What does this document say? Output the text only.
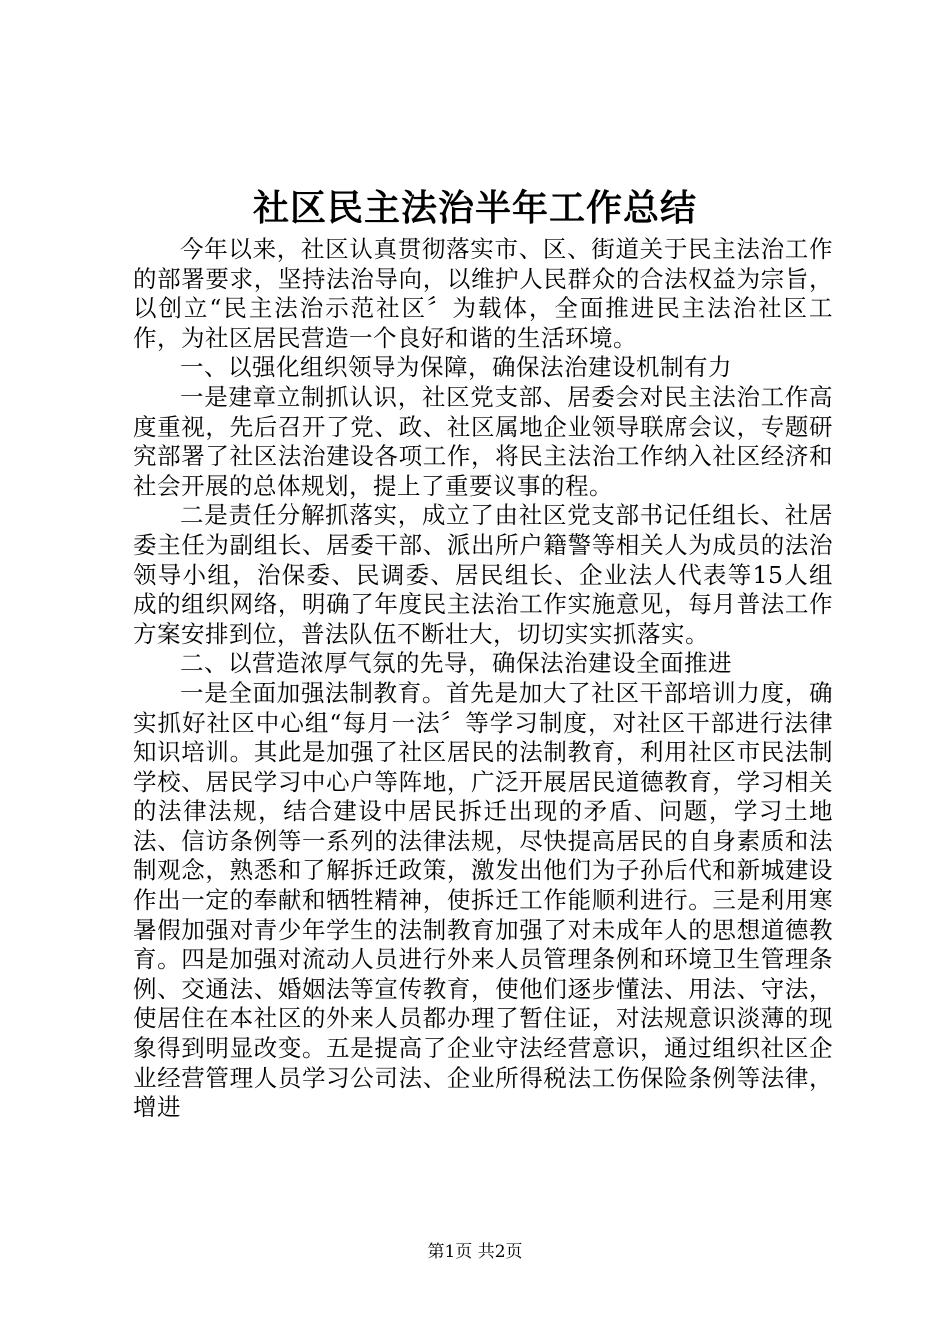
社区民主法治半年工作总结

今年以来，社区认真贯彻落实市、区、街道关于民主法治工作的部署要求，坚持法治导向，以维护人民群众的合法权益为宗旨，以创立“民主法治示范社区〞为载体，全面推进民主法治社区工作，为社区居民营造一个良好和谐的生活环境。

一、以强化组织领导为保障，确保法治建设机制有力

一是建章立制抓认识，社区党支部、居委会对民主法治工作高度重视，先后召开了党、政、社区属地企业领导联席会议，专题研究部署了社区法治建设各项工作，将民主法治工作纳入社区经济和社会开展的总体规划，提上了重要议事的程。

二是责任分解抓落实，成立了由社区党支部书记任组长、社居委主任为副组长、居委干部、派出所户籍警等相关人为成员的法治领导小组，治保委、民调委、居民组长、企业法人代表等15人组成的组织网络，明确了年度民主法治工作实施意见，每月普法工作方案安排到位，普法队伍不断壮大，切切实实抓落实。

二、以营造浓厚气氛的先导，确保法治建设全面推进

一是全面加强法制教育。首先是加大了社区干部培训力度，确实抓好社区中心组“每月一法〞等学习制度，对社区干部进行法律知识培训。其此是加强了社区居民的法制教育，利用社区市民法制学校、居民学习中心户等阵地，广泛开展居民道德教育，学习相关的法律法规，结合建设中居民拆迁出现的矛盾、问题，学习土地法、信访条例等一系列的法律法规，尽快提高居民的自身素质和法制观念，熟悉和了解拆迁政策，激发出他们为子孙后代和新城建设作出一定的奉献和牺牲精神，使拆迁工作能顺利进行。三是利用寒暑假加强对青少年学生的法制教育加强了对未成年人的思想道德教育。四是加强对流动人员进行外来人员管理条例和环境卫生管理条例、交通法、婚姻法等宣传教育，使他们逐步懂法、用法、守法，使居住在本社区的外来人员都办理了暂住证，对法规意识淡薄的现象得到明显改变。五是提高了企业守法经营意识，通过组织社区企业经营管理人员学习公司法、企业所得税法工伤保险条例等法律，增进

第1页 共2页
